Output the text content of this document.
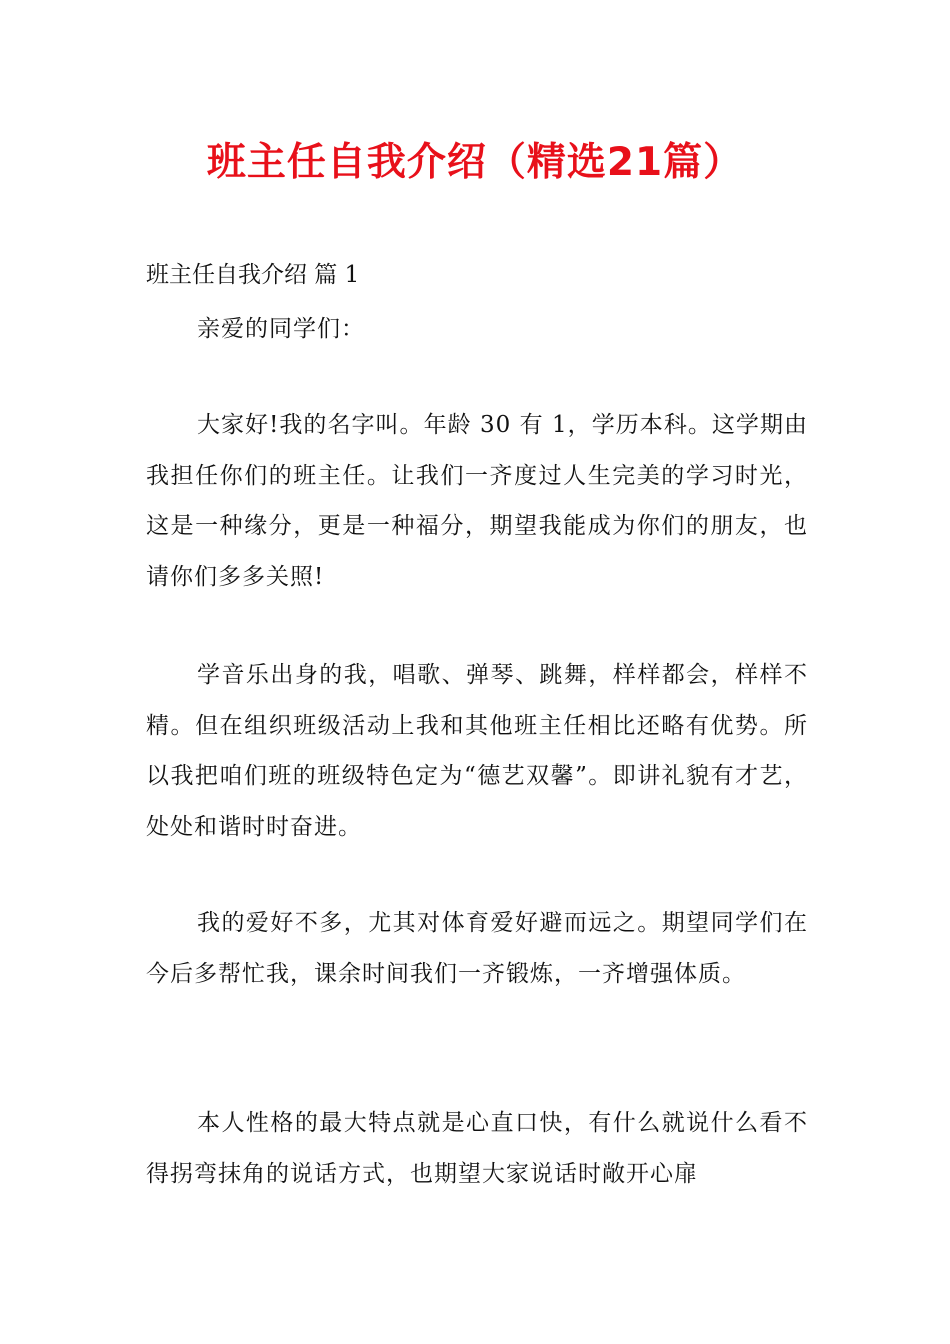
班主任自我介绍（精选21篇）

班主任自我介绍 篇 1

亲爱的同学们：

大家好!我的名字叫。年龄 30 有 1，学历本科。这学期由我担任你们的班主任。让我们一齐度过人生完美的学习时光，这是一种缘分，更是一种福分，期望我能成为你们的朋友，也请你们多多关照!

学音乐出身的我，唱歌、弹琴、跳舞，样样都会，样样不精。但在组织班级活动上我和其他班主任相比还略有优势。所以我把咱们班的班级特色定为“德艺双馨”。即讲礼貌有才艺，处处和谐时时奋进。

我的爱好不多，尤其对体育爱好避而远之。期望同学们在今后多帮忙我，课余时间我们一齐锻炼，一齐增强体质。

本人性格的最大特点就是心直口快，有什么就说什么看不得拐弯抹角的说话方式，也期望大家说话时敞开心扉
